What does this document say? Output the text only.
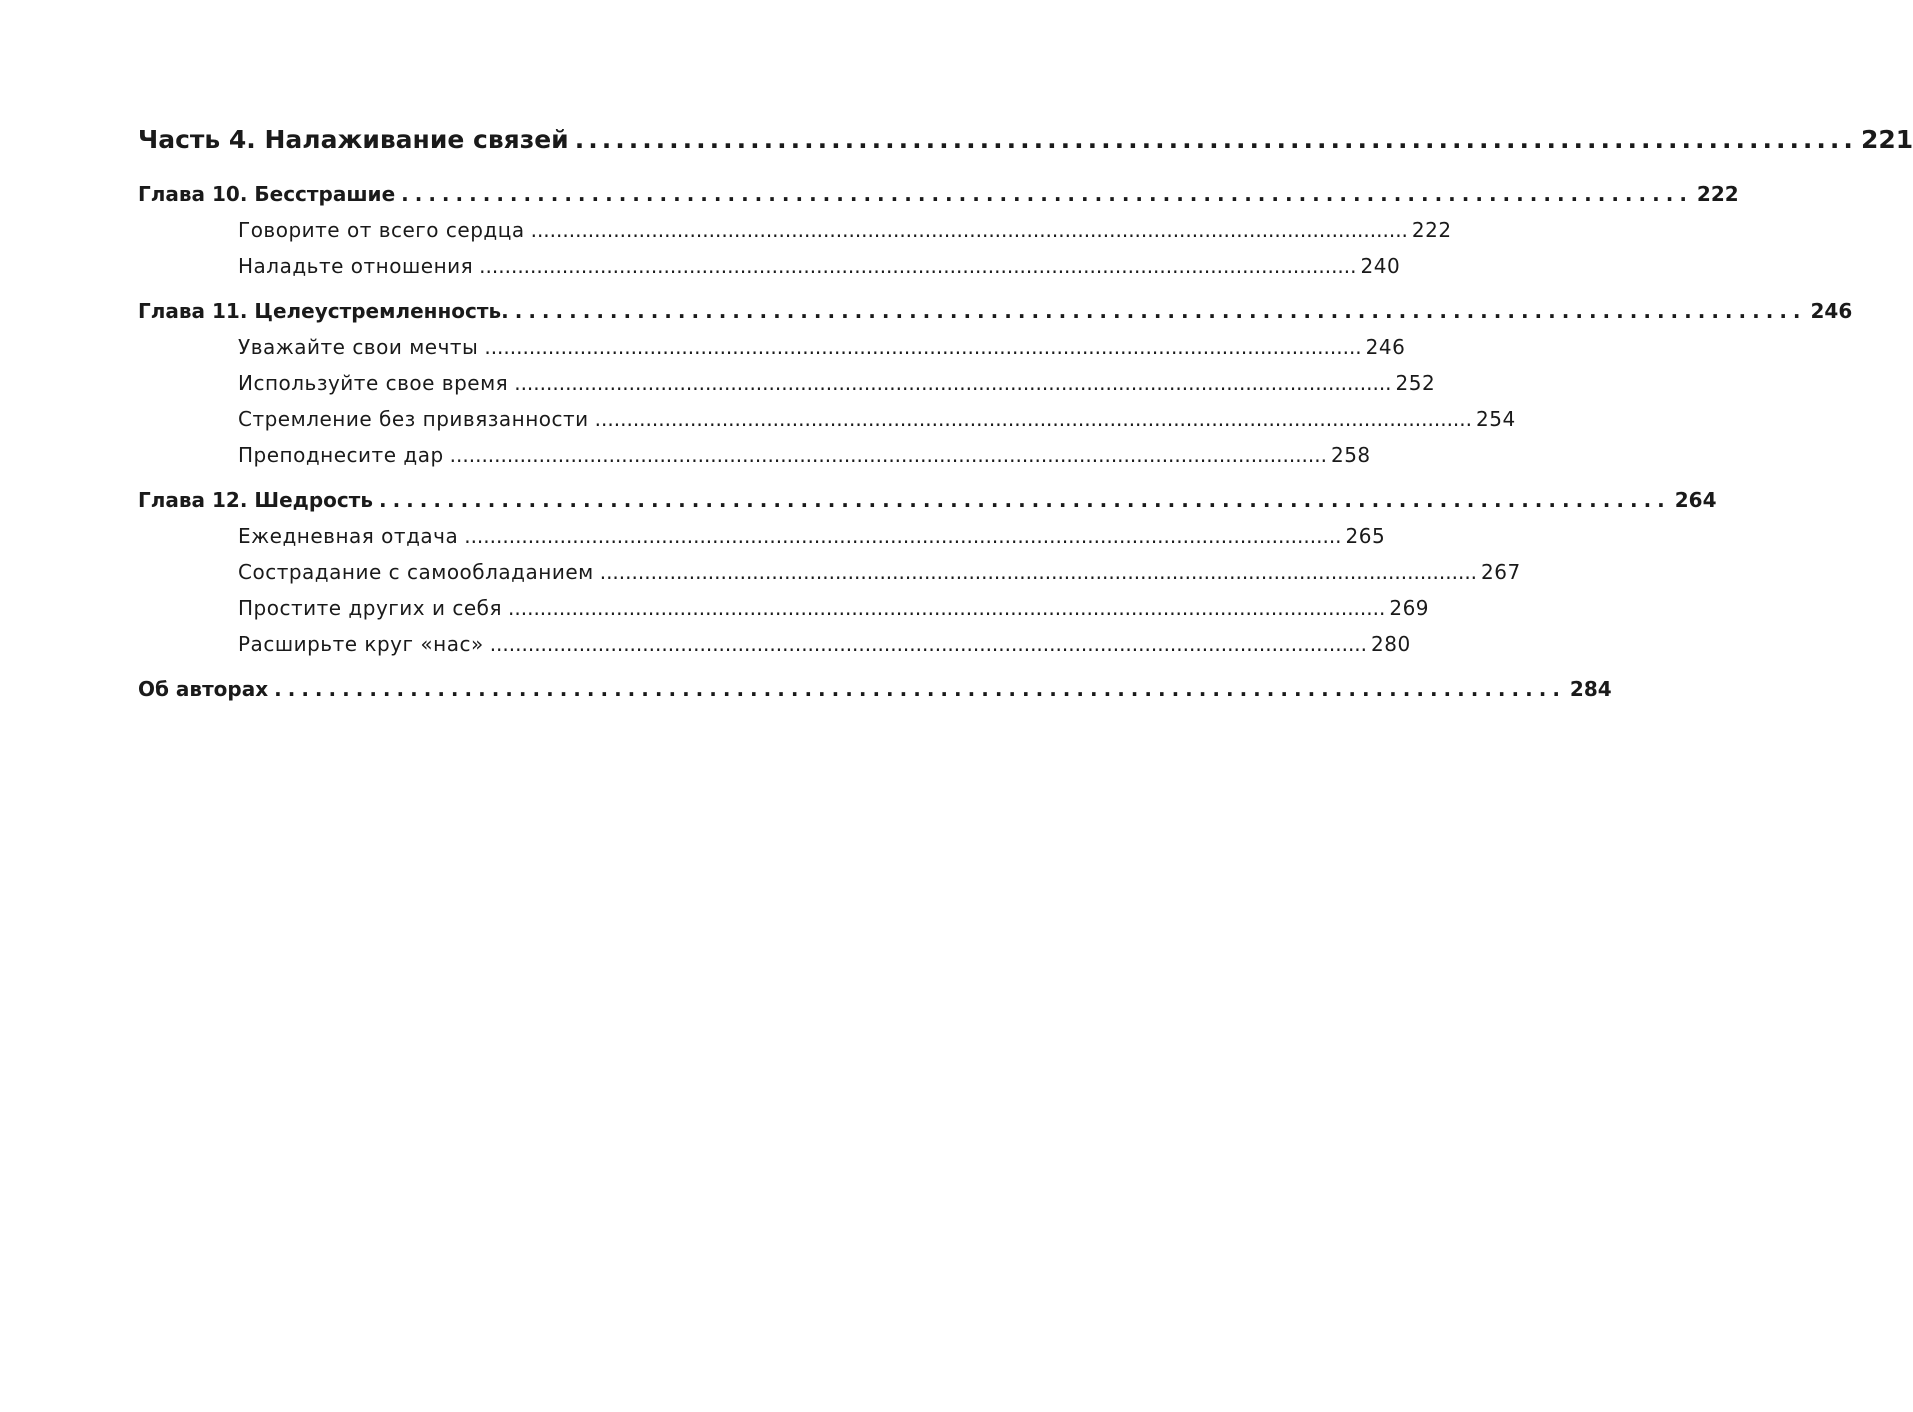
Часть 4. Налаживание связей ............................................................................................... 221
Глава 10. Бесстрашие ............................................................................................... 222
Говорите от всего сердца .......................................................................................................................................... 222
Наладьте отношения .......................................................................................................................................... 240
Глава 11. Целеустремленность. ............................................................................................... 246
Уважайте свои мечты .......................................................................................................................................... 246
Используйте свое время .......................................................................................................................................... 252
Стремление без привязанности .......................................................................................................................................... 254
Преподнесите дар .......................................................................................................................................... 258
Глава 12. Шедрость ............................................................................................... 264
Ежедневная отдача .......................................................................................................................................... 265
Сострадание с самообладанием .......................................................................................................................................... 267
Простите других и себя .......................................................................................................................................... 269
Расширьте круг «нас» .......................................................................................................................................... 280
Об авторах ............................................................................................... 284
